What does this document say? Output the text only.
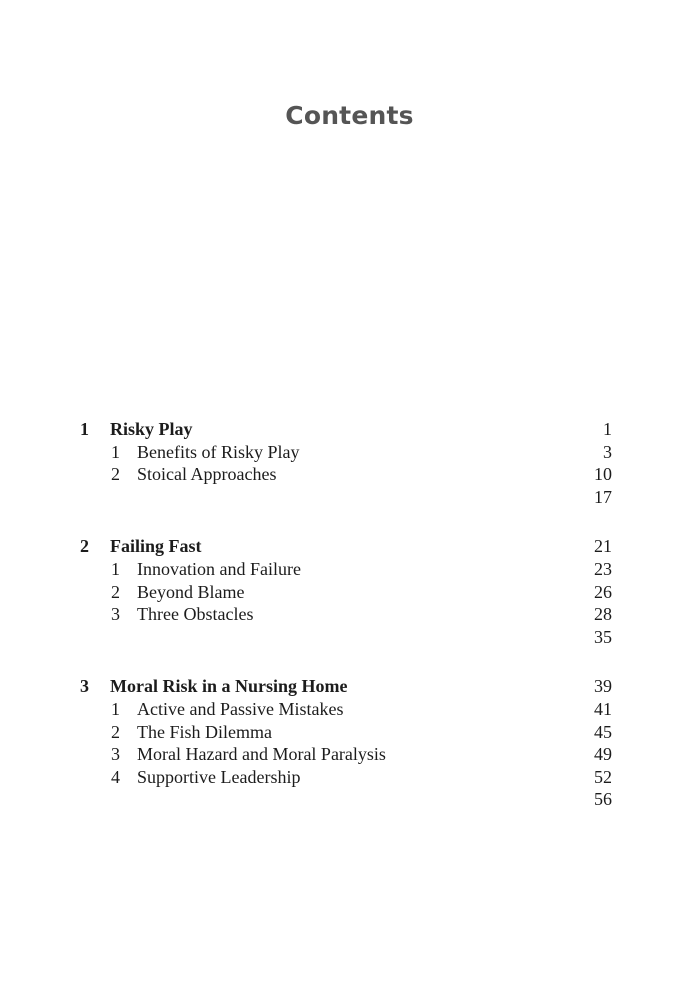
Contents
1 Risky Play	1
1 Benefits of Risky Play	3
2 Stoical Approaches	10
17
2 Failing Fast	21
1 Innovation and Failure	23
2 Beyond Blame	26
3 Three Obstacles	28
35
3 Moral Risk in a Nursing Home	39
1 Active and Passive Mistakes	41
2 The Fish Dilemma	45
3 Moral Hazard and Moral Paralysis	49
4 Supportive Leadership	52
56
